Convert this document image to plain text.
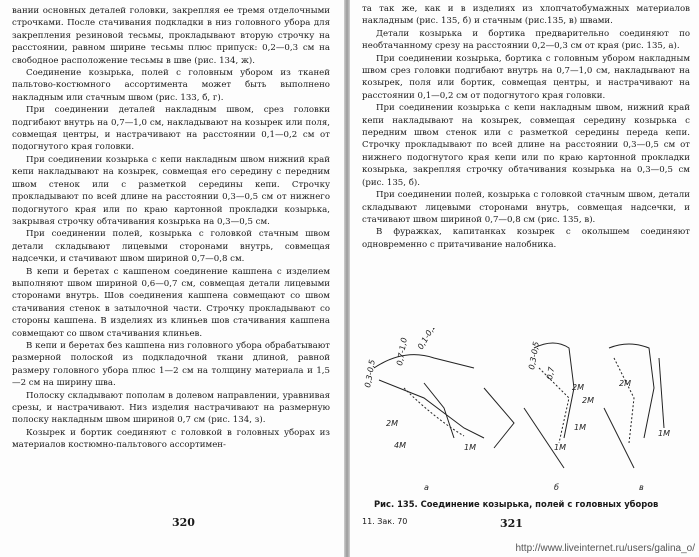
вании основных деталей головки, закрепляя ее тремя отделочными строчками. После стачивания подкладки в низ головного убора для закрепления резиновой тесьмы, прокладывают вторую строчку на расстоянии, равном ширине тесьмы плюс припуск: 0,2—0,3 см на свободное расположение тесьмы в шве (рис. 134, ж).

Соединение козырька, полей с головным убором из тканей пальтово-костюмного ассортимента может быть выполнено накладным или стачным швом (рис. 133, б, г).

При соединении деталей накладным швом, срез головки подгибают внутрь на 0,7—1,0 см, накладывают на козырек или поля, совмещая центры, и настрачивают на расстоянии 0,1—0,2 см от подогнутого края головки.

При соединении козырька с кепи накладным швом нижний край кепи накладывают на козырек, совмещая его середину с передним швом стенок или с разметкой середины кепи. Строчку прокладывают по всей длине на расстоянии 0,3—0,5 см от нижнего подогнутого края или по краю картонной прокладки козырька, закрывая строчку обтачивания козырька на 0,3—0,5 см.

При соединении полей, козырька с головкой стачным швом детали складывают лицевыми сторонами внутрь, совмещая надсечки, и стачивают швом шириной 0,7—0,8 см.

В кепи и беретах с кашпеном соединение кашпена с изделием выполняют швом шириной 0,6—0,7 см, совмещая детали лицевыми сторонами внутрь. Шов соединения кашпена совмещают со швом стачивания стенок в затылочной части. Строчку прокладывают со стороны кашпена. В изделиях из клиньев шов стачивания кашпена совмещают со швом стачивания клиньев.

В кепи и беретах без кашпена низ головного убора обрабатывают размерной полоской из подкладочной ткани длиной, равной размеру головного убора плюс 1—2 см на толщину материала и 1,5—2 см на ширину шва.

Полоску складывают пополам в долевом направлении, уравнивая срезы, и настрачивают. Низ изделия настрачивают на размерную полоску накладным швом шириной 0,7 см (рис. 134, з).

Козырек и бортик соединяют с головкой в головных уборах из материалов костюмно-пальтового ассортимен-

320

та так же, как и в изделиях из хлопчатобумажных материалов накладным (рис. 135, б) и стачным (рис.135, в) швами.

Детали козырька и бортика предварительно соединяют по необтачанному срезу на расстоянии 0,2—0,3 см от края (рис. 135, а).

При соединении козырька, бортика с головным убором накладным швом срез головки подгибают внутрь на 0,7—1,0 см, накладывают на козырек, поля или бортик, совмещая центры, и настрачивают на расстоянии 0,1—0,2 см от подогнутого края головки.

При соединении козырька с кепи накладным швом, нижний край кепи накладывают на козырек, совмещая середину козырька с передним швом стенок или с разметкой середины переда кепи. Строчку прокладывают по всей длине на расстоянии 0,3—0,5 см от нижнего подогнутого края кепи или по краю картонной прокладки козырька, закрепляя строчку обтачивания козырька на 0,3—0,5 см (рис. 135, б).

При соединении полей, козырька с головкой стачным швом, детали складывают лицевыми сторонами внутрь, совмещая надсечки, и стачивают швом шириной 0,7—0,8 см (рис. 135, в).

В фуражках, капитанках козырек с околышем соединяют одновременно с притачивание налобника.

0,3-0,5
0,7-1,0
0,1-0,2
0,3-0,5
0,7
4M
2M
1M
2M
2M
1M
1M
2M
1M
а	б	в
Рис. 135. Соединение козырька, полей с головных уборов
11. Зак. 70	321
http://www.liveinternet.ru/users/galina_o/
